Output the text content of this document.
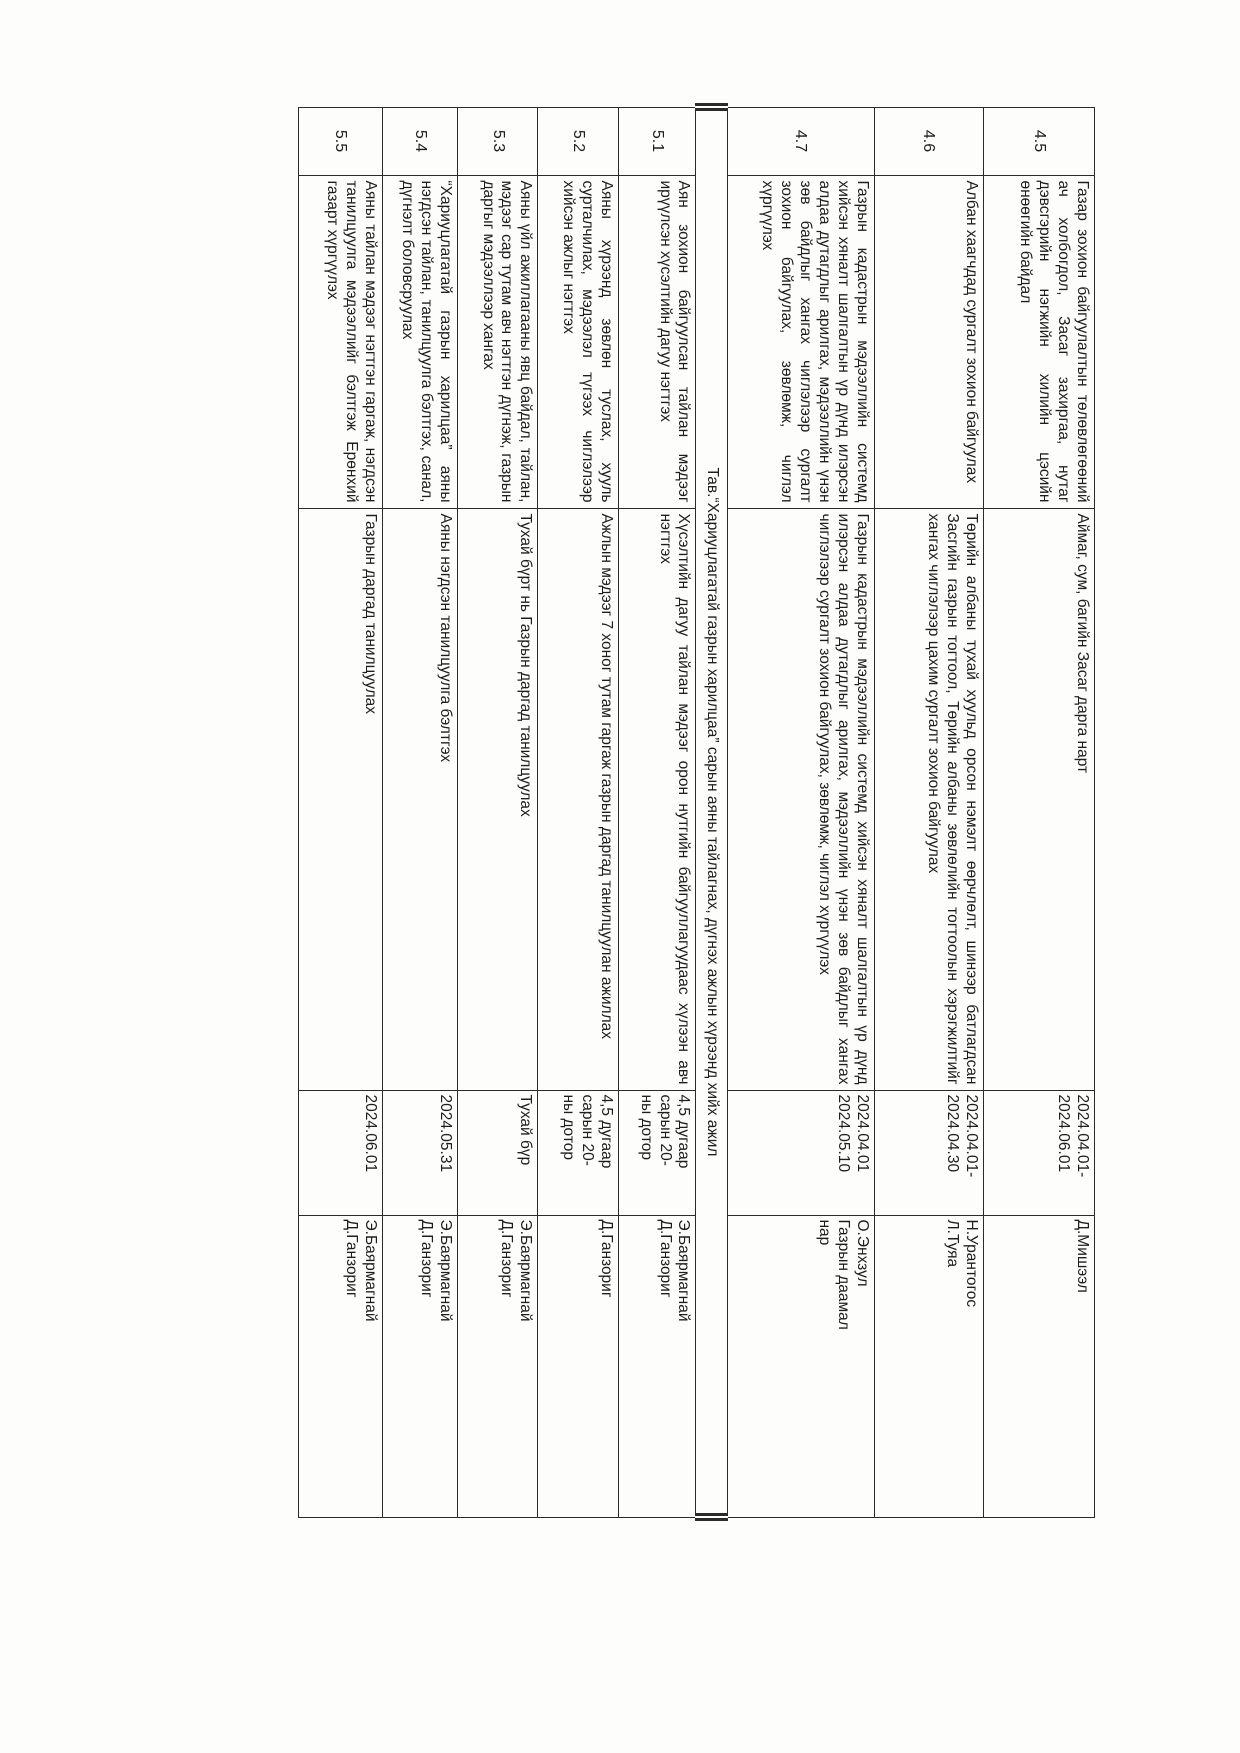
4.5	Газар зохион байгуулалтын төлөвлөгөөний ач холбогдол, Засаг захиргаа, нутаг дэвсгэрийн нэгжийн хилийн цэсийн өнөөгийн байдал	Аймаг, сум, багийн Засаг дарга нарт	2024.04.01-
2024.06.01	Д.Мишээл
4.6	Албан хаагчдад сургалт зохион байгуулах	Төрийн албаны тухай хуульд орсон нэмэлт өөрчлөлт, шинээр батлагдсан Засгийн газрын тогтоол, Төрийн албаны зөвлөлийн тогтоолын хэрэгжилтийг хангах чиглэлээр цахим сургалт зохион байгуулах	2024.04.01-
2024.04.30	Н.Урантогос
Л.Туяа
4.7	Газрын кадастрын мэдээллийн системд хийсэн хяналт шалгалтын үр дүнд илэрсэн алдаа дутагдлыг арилгах, мэдээллийн үнэн зөв байдлыг хангах чиглэлээр сургалт зохион байгуулах, зөвлөмж, чиглэл хүргүүлэх	Газрын кадастрын мэдээллийн системд хийсэн хяналт шалгалтын үр дүнд илэрсэн алдаа дутагдлыг арилгах, мэдээллийн үнэн зөв байдлыг хангах чиглэлээр сургалт зохион байгуулах, зөвлөмж, чиглэл хүргүүлэх	2024.04.01
2024.05.10	О.Энхзул
Газрын даамал
нар
Тав.“Хариуцлагатай газрын харилцаа” сарын аяны тайлагнах, дүгнэх ажлын хүрээнд хийх ажил				
5.1	Аян зохион байгуулсан тайлан мэдээг ирүүлсэн хүсэлтийн дагуу нэгтгэх	Хүсэлтийн дагуу тайлан мэдээг орон нутгийн байгууллагуудаас хүлээн авч нэгтгэх	4,5 дугаар
сарын 20-
ны дотор	Э.Баярмагнай
Д.Ганзориг
5.2	Аяны хүрээнд зөвлөн туслах, хууль сурталчилах, мэдээлэл түгээх чиглэлээр хийсэн ажлыг нэгтгэх	Ажлын мэдээг 7 хоног тутам гаргаж газрын даргад танилцуулан ажиллах	4,5 дугаар
сарын 20-
ны дотор	Д.Ганзориг
5.3	Аяны үйл ажиллагааны явц байдал, тайлан, мэдээг сар тутам авч нэгтгэн дүгнэж, газрын даргыг мэдээллээр хангах	Тухай бүрт нь Газрын даргад танилцуулах	Тухай бүр	Э.Баярмагнай
Д.Ганзориг
5.4	“Хариуцлагатай газрын харилцаа” аяны нэгдсэн тайлан, танилцуулга бэлтгэх, санал, дүгнэлт боловсруулах	Аяны нэгдсэн танилцуулга бэлтгэх	2024.05.31	Э.Баярмагнай
Д.Ганзориг
5.5	Аяны тайлан мэдээг нэгтгэн гаргаж, нэгдсэн танилцуулга мэдээллийг бэлтгэж Ерөнхий газарт хүргүүлэх	Газрын даргад танилцуулах	2024.06.01	Э.Баярмагнай
Д.Ганзориг
